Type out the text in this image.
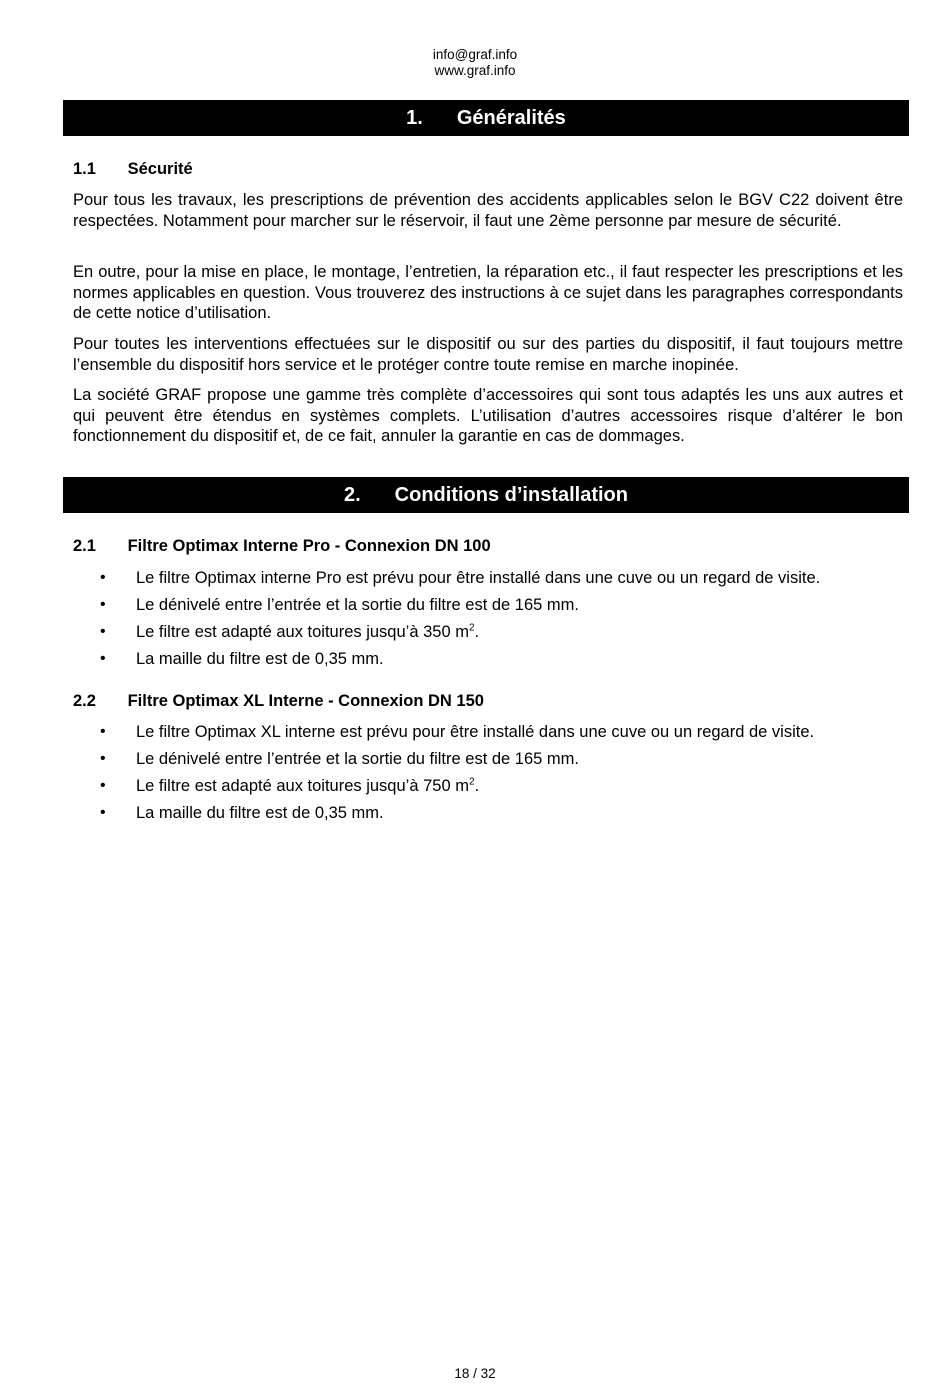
info@graf.info
www.graf.info
1. Généralités
1.1 Sécurité
Pour tous les travaux, les prescriptions de prévention des accidents applicables selon le BGV C22 doivent être respectées. Notamment pour marcher sur le réservoir, il faut une 2ème personne par mesure de sécurité.
En outre, pour la mise en place, le montage, l’entretien, la réparation etc., il faut respecter les prescriptions et les normes applicables en question. Vous trouverez des instructions à ce sujet dans les paragraphes correspondants de cette notice d’utilisation.
Pour toutes les interventions effectuées sur le dispositif ou sur des parties du dispositif, il faut toujours mettre l’ensemble du dispositif hors service et le protéger contre toute remise en marche inopinée.
La société GRAF propose une gamme très complète d’accessoires qui sont tous adaptés les uns aux autres et qui peuvent être étendus en systèmes complets. L’utilisation d’autres accessoires risque d’altérer le bon fonctionnement du dispositif et, de ce fait, annuler la garantie en cas de dommages.
2. Conditions d’installation
2.1 Filtre Optimax Interne Pro - Connexion DN 100
• Le filtre Optimax interne Pro est prévu pour être installé dans une cuve ou un regard de visite.
• Le dénivelé entre l’entrée et la sortie du filtre est de 165 mm.
• Le filtre est adapté aux toitures jusqu’à 350 $m^2$.
• La maille du filtre est de 0,35 mm.
2.2 Filtre Optimax XL Interne - Connexion DN 150
• Le filtre Optimax XL interne est prévu pour être installé dans une cuve ou un regard de visite.
• Le dénivelé entre l’entrée et la sortie du filtre est de 165 mm.
• Le filtre est adapté aux toitures jusqu’à 750 $m^2$.
• La maille du filtre est de 0,35 mm.
18 / 32
